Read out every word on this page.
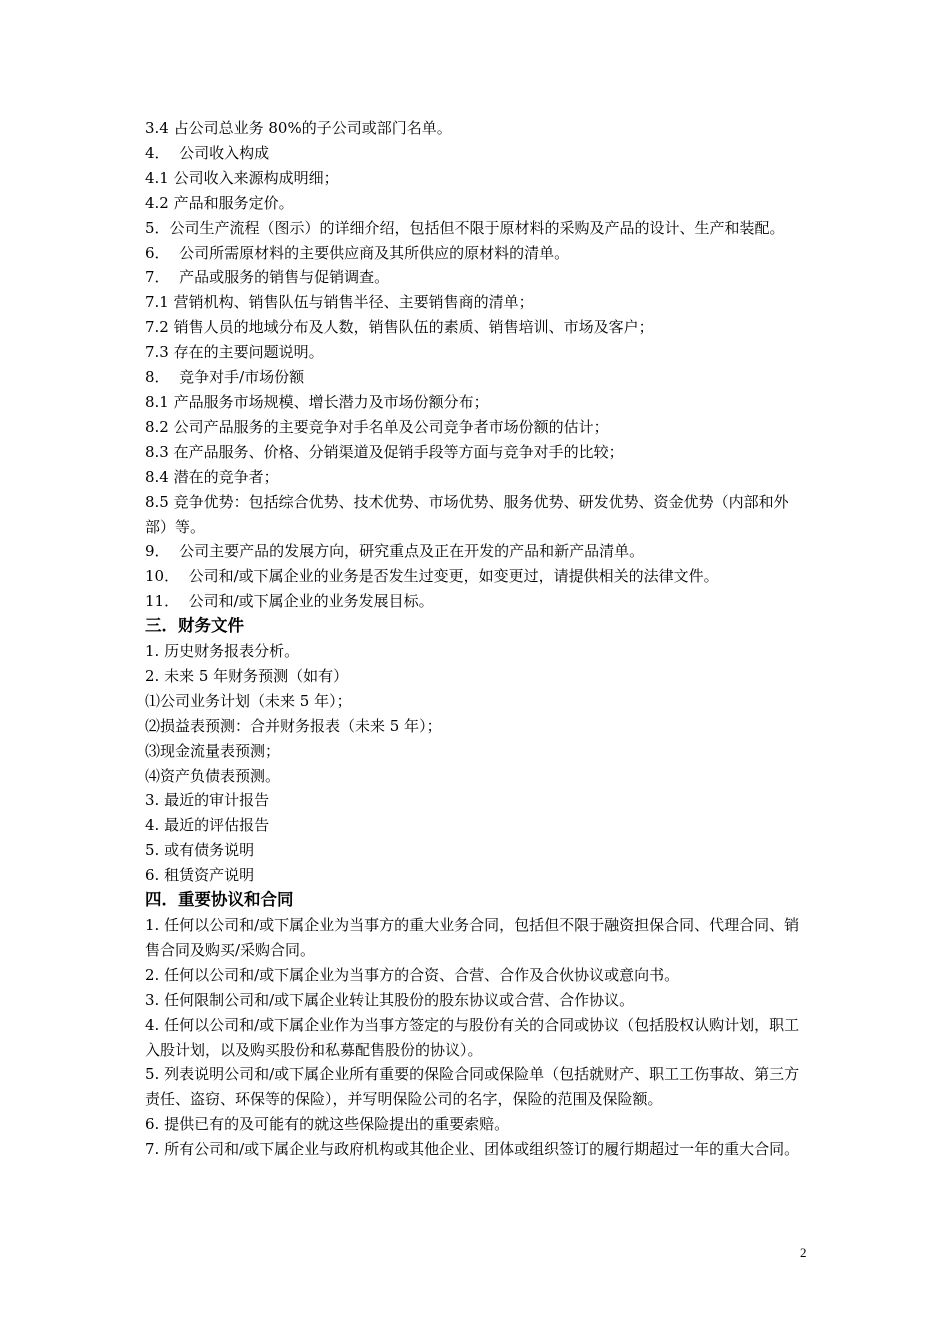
3.4 占公司总业务 80%的子公司或部门名单。
4．  公司收入构成
4.1 公司收入来源构成明细；
4.2 产品和服务定价。
5．公司生产流程（图示）的详细介绍，包括但不限于原材料的采购及产品的设计、生产和装配。
6．  公司所需原材料的主要供应商及其所供应的原材料的清单。
7．  产品或服务的销售与促销调查。
7.1 营销机构、销售队伍与销售半径、主要销售商的清单；
7.2 销售人员的地域分布及人数，销售队伍的素质、销售培训、市场及客户；
7.3 存在的主要问题说明。
8．  竞争对手/市场份额
8.1 产品服务市场规模、增长潜力及市场份额分布；
8.2 公司产品服务的主要竞争对手名单及公司竞争者市场份额的估计；
8.3 在产品服务、价格、分销渠道及促销手段等方面与竞争对手的比较；
8.4 潜在的竞争者；
8.5 竞争优势：包括综合优势、技术优势、市场优势、服务优势、研发优势、资金优势（内部和外部）等。
9．  公司主要产品的发展方向，研究重点及正在开发的产品和新产品清单。
10．  公司和/或下属企业的业务是否发生过变更，如变更过，请提供相关的法律文件。
11．  公司和/或下属企业的业务发展目标。
三．财务文件
1. 历史财务报表分析。
2. 未来 5 年财务预测（如有）
⑴公司业务计划（未来 5 年）；
⑵损益表预测：合并财务报表（未来 5 年）；
⑶现金流量表预测；
⑷资产负债表预测。
3. 最近的审计报告
4. 最近的评估报告
5. 或有债务说明
6. 租赁资产说明
四．重要协议和合同
1. 任何以公司和/或下属企业为当事方的重大业务合同，包括但不限于融资担保合同、代理合同、销售合同及购买/采购合同。
2. 任何以公司和/或下属企业为当事方的合资、合营、合作及合伙协议或意向书。
3. 任何限制公司和/或下属企业转让其股份的股东协议或合营、合作协议。
4. 任何以公司和/或下属企业作为当事方签定的与股份有关的合同或协议（包括股权认购计划，职工入股计划，以及购买股份和私募配售股份的协议）。
5. 列表说明公司和/或下属企业所有重要的保险合同或保险单（包括就财产、职工工伤事故、第三方责任、盗窃、环保等的保险），并写明保险公司的名字，保险的范围及保险额。
6. 提供已有的及可能有的就这些保险提出的重要索赔。
7. 所有公司和/或下属企业与政府机构或其他企业、团体或组织签订的履行期超过一年的重大合同。
2
